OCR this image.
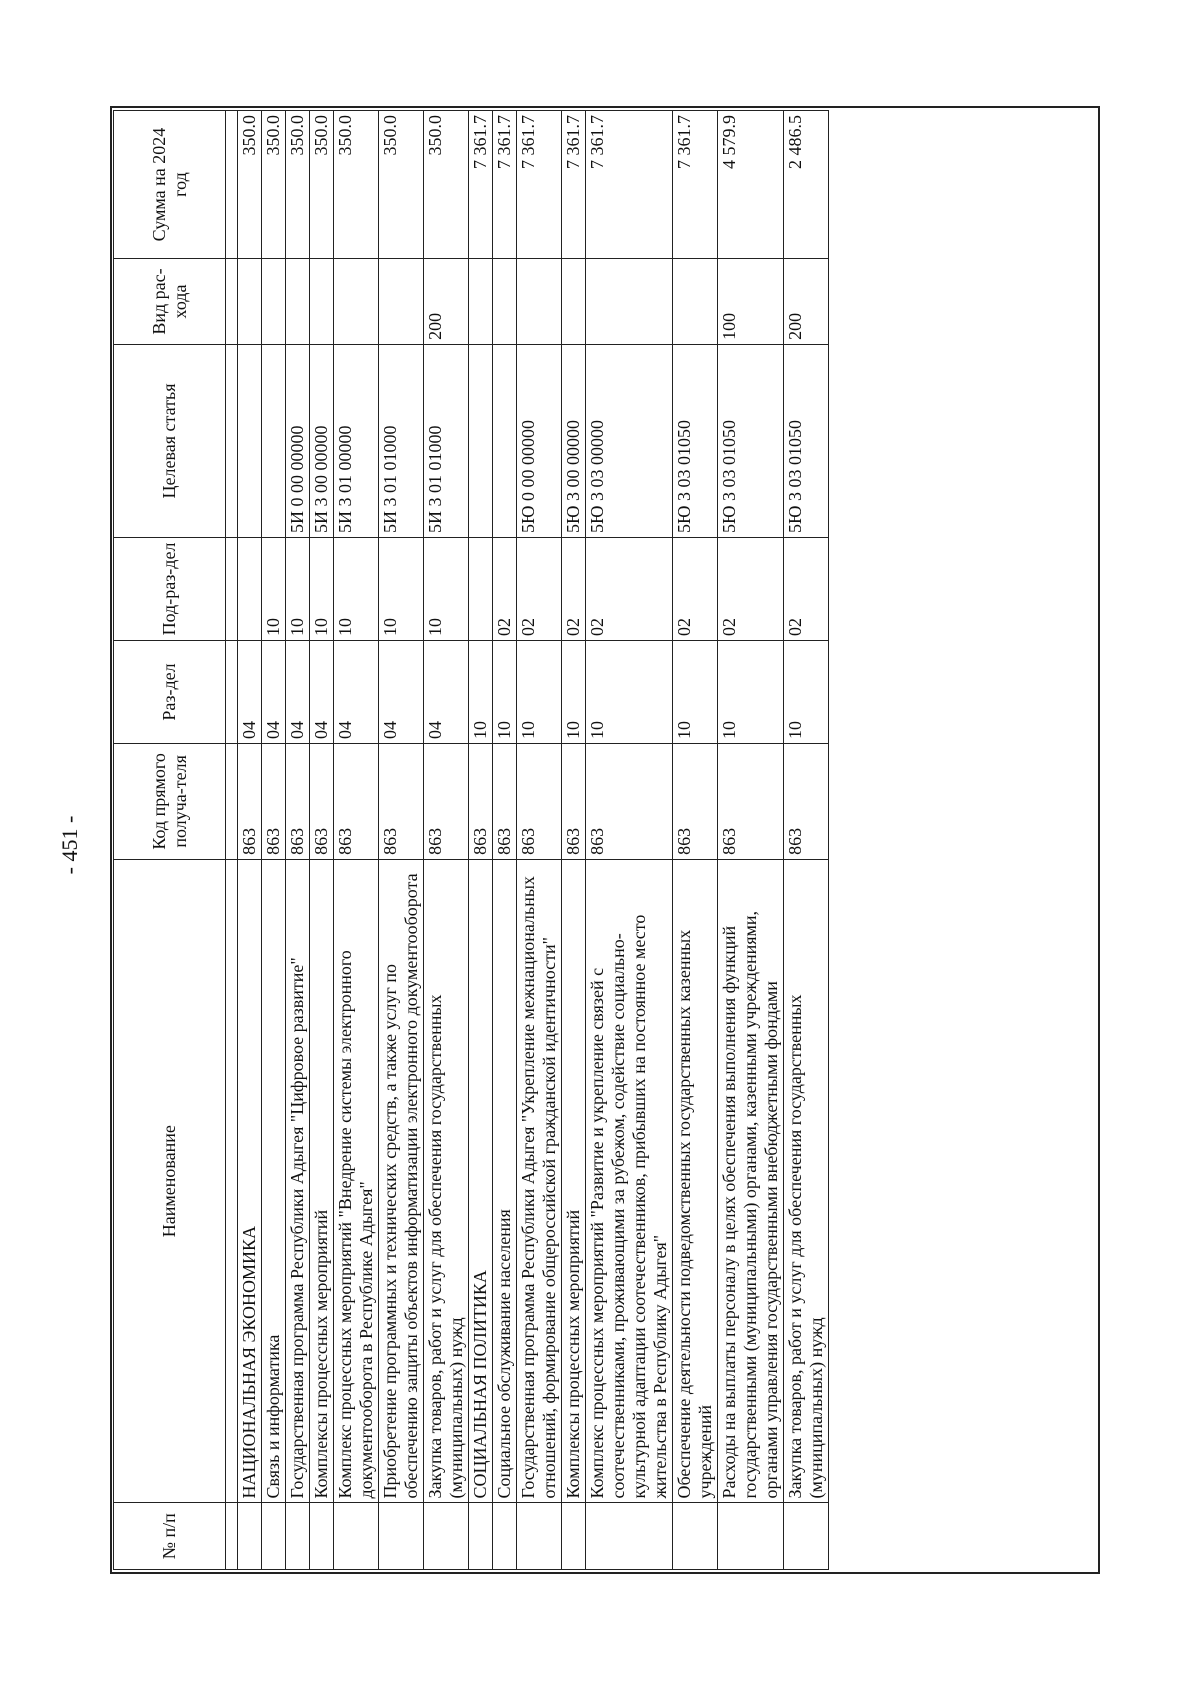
- 451 -
№ п/п	Наименование	Код прямого получа-теля	Раз-дел	Под-раз-дел	Целевая статья	Вид рас-хода	Сумма на 2024 год

	НАЦИОНАЛЬНАЯ ЭКОНОМИКА	863	04				350.0
	Связь и информатика	863	04	10			350.0
	Государственная программа Республики Адыгея "Цифровое развитие"	863	04	10	5И 0 00 00000		350.0
	Комплексы процессных мероприятий	863	04	10	5И 3 00 00000		350.0
	Комплекс процессных мероприятий "Внедрение системы электронного документооборота в Республике Адыгея"	863	04	10	5И 3 01 00000		350.0
	Приобретение программных и технических средств, а также услуг по обеспечению защиты объектов информатизации электронного документооборота	863	04	10	5И 3 01 01000		350.0
	Закупка товаров, работ и услуг для обеспечения государственных (муниципальных) нужд	863	04	10	5И 3 01 01000	200	350.0
	СОЦИАЛЬНАЯ ПОЛИТИКА	863	10				7 361.7
	Социальное обслуживание населения	863	10	02			7 361.7
	Государственная программа Республики Адыгея "Укрепление межнациональных отношений, формирование общероссийской гражданской идентичности"	863	10	02	5Ю 0 00 00000		7 361.7
	Комплексы процессных мероприятий	863	10	02	5Ю 3 00 00000		7 361.7
	Комплекс процессных мероприятий "Развитие и укрепление связей с соотечественниками, проживающими за рубежом, содействие социально-культурной адаптации соотечественников, прибывших на постоянное место жительства в Республику Адыгея"	863	10	02	5Ю 3 03 00000		7 361.7
	Обеспечение деятельности подведомственных государственных казенных учреждений	863	10	02	5Ю 3 03 01050		7 361.7
	Расходы на выплаты персоналу в целях обеспечения выполнения функций государственными (муниципальными) органами, казенными учреждениями, органами управления государственными внебюджетными фондами	863	10	02	5Ю 3 03 01050	100	4 579.9
	Закупка товаров, работ и услуг для обеспечения государственных (муниципальных) нужд	863	10	02	5Ю 3 03 01050	200	2 486.5
